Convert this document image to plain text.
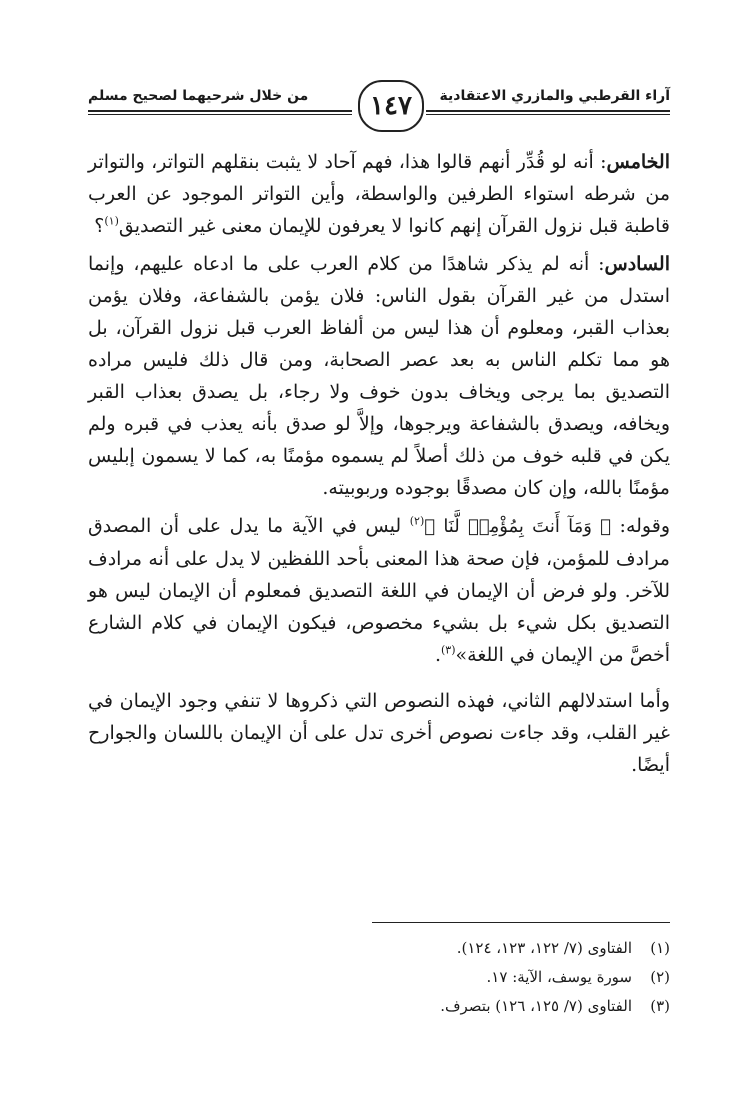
آراء القرطبي والمازري الاعتقادية
١٤٧
من خلال شرحيهما لصحيح مسلم

الخامس: أنه لو قُدِّر أنهم قالوا هذا، فهم آحاد لا يثبت بنقلهم التواتر، والتواتر من شرطه استواء الطرفين والواسطة، وأين التواتر الموجود عن العرب قاطبة قبل نزول القرآن إنهم كانوا لا يعرفون للإيمان معنى غير التصديق$^{(١)}$؟

السادس: أنه لم يذكر شاهدًا من كلام العرب على ما ادعاه عليهم، وإنما استدل من غير القرآن بقول الناس: فلان يؤمن بالشفاعة، وفلان يؤمن بعذاب القبر، ومعلوم أن هذا ليس من ألفاظ العرب قبل نزول القرآن، بل هو مما تكلم الناس به بعد عصر الصحابة، ومن قال ذلك فليس مراده التصديق بما يرجى ويخاف بدون خوف ولا رجاء، بل يصدق بعذاب القبر ويخافه، ويصدق بالشفاعة ويرجوها، وإلاَّ لو صدق بأنه يعذب في قبره ولم يكن في قلبه خوف من ذلك أصلاً لم يسموه مؤمنًا به، كما لا يسمون إبليس مؤمنًا بالله، وإن كان مصدقًا بوجوده وربوبيته.

وقوله: ﴿ وَمَآ أَنتَ بِمُؤْمِنٖ لَّنَا ﴾$^{(٢)}$ ليس في الآية ما يدل على أن المصدق مرادف للمؤمن، فإن صحة هذا المعنى بأحد اللفظين لا يدل على أنه مرادف للآخر. ولو فرض أن الإيمان في اللغة التصديق فمعلوم أن الإيمان ليس هو التصديق بكل شيء بل بشيء مخصوص، فيكون الإيمان في كلام الشارع أخصَّ من الإيمان في اللغة»$^{(٣)}$.

وأما استدلالهم الثاني، فهذه النصوص التي ذكروها لا تنفي وجود الإيمان في غير القلب، وقد جاءت نصوص أخرى تدل على أن الإيمان باللسان والجوارح أيضًا.

(١)
الفتاوى (٧/ ١٢٢، ١٢٣، ١٢٤).
(٢)
سورة يوسف، الآية: ١٧.
(٣)
الفتاوى (٧/ ١٢٥، ١٢٦) بتصرف.
